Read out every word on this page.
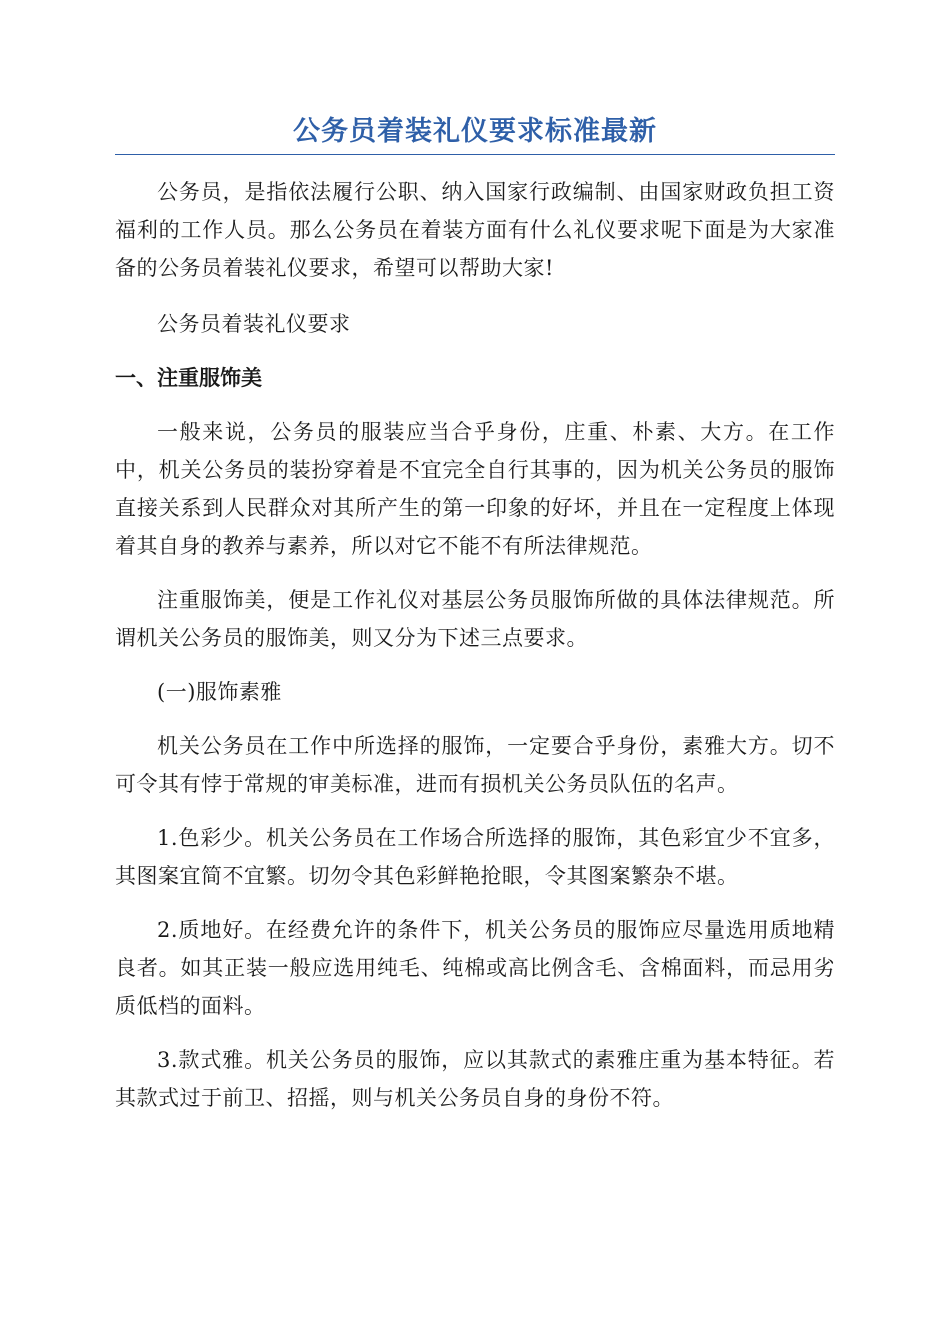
公务员着装礼仪要求标准最新

公务员，是指依法履行公职、纳入国家行政编制、由国家财政负担工资福利的工作人员。那么公务员在着装方面有什么礼仪要求呢下面是为大家准备的公务员着装礼仪要求，希望可以帮助大家!

公务员着装礼仪要求

一、注重服饰美

一般来说，公务员的服装应当合乎身份，庄重、朴素、大方。在工作中，机关公务员的装扮穿着是不宜完全自行其事的，因为机关公务员的服饰直接关系到人民群众对其所产生的第一印象的好坏，并且在一定程度上体现着其自身的教养与素养，所以对它不能不有所法律规范。

注重服饰美，便是工作礼仪对基层公务员服饰所做的具体法律规范。所谓机关公务员的服饰美，则又分为下述三点要求。

(一)服饰素雅

机关公务员在工作中所选择的服饰，一定要合乎身份，素雅大方。切不可令其有悖于常规的审美标准，进而有损机关公务员队伍的名声。

1.色彩少。机关公务员在工作场合所选择的服饰，其色彩宜少不宜多，其图案宜简不宜繁。切勿令其色彩鲜艳抢眼，令其图案繁杂不堪。

2.质地好。在经费允许的条件下，机关公务员的服饰应尽量选用质地精良者。如其正装一般应选用纯毛、纯棉或高比例含毛、含棉面料，而忌用劣质低档的面料。

3.款式雅。机关公务员的服饰，应以其款式的素雅庄重为基本特征。若其款式过于前卫、招摇，则与机关公务员自身的身份不符。
